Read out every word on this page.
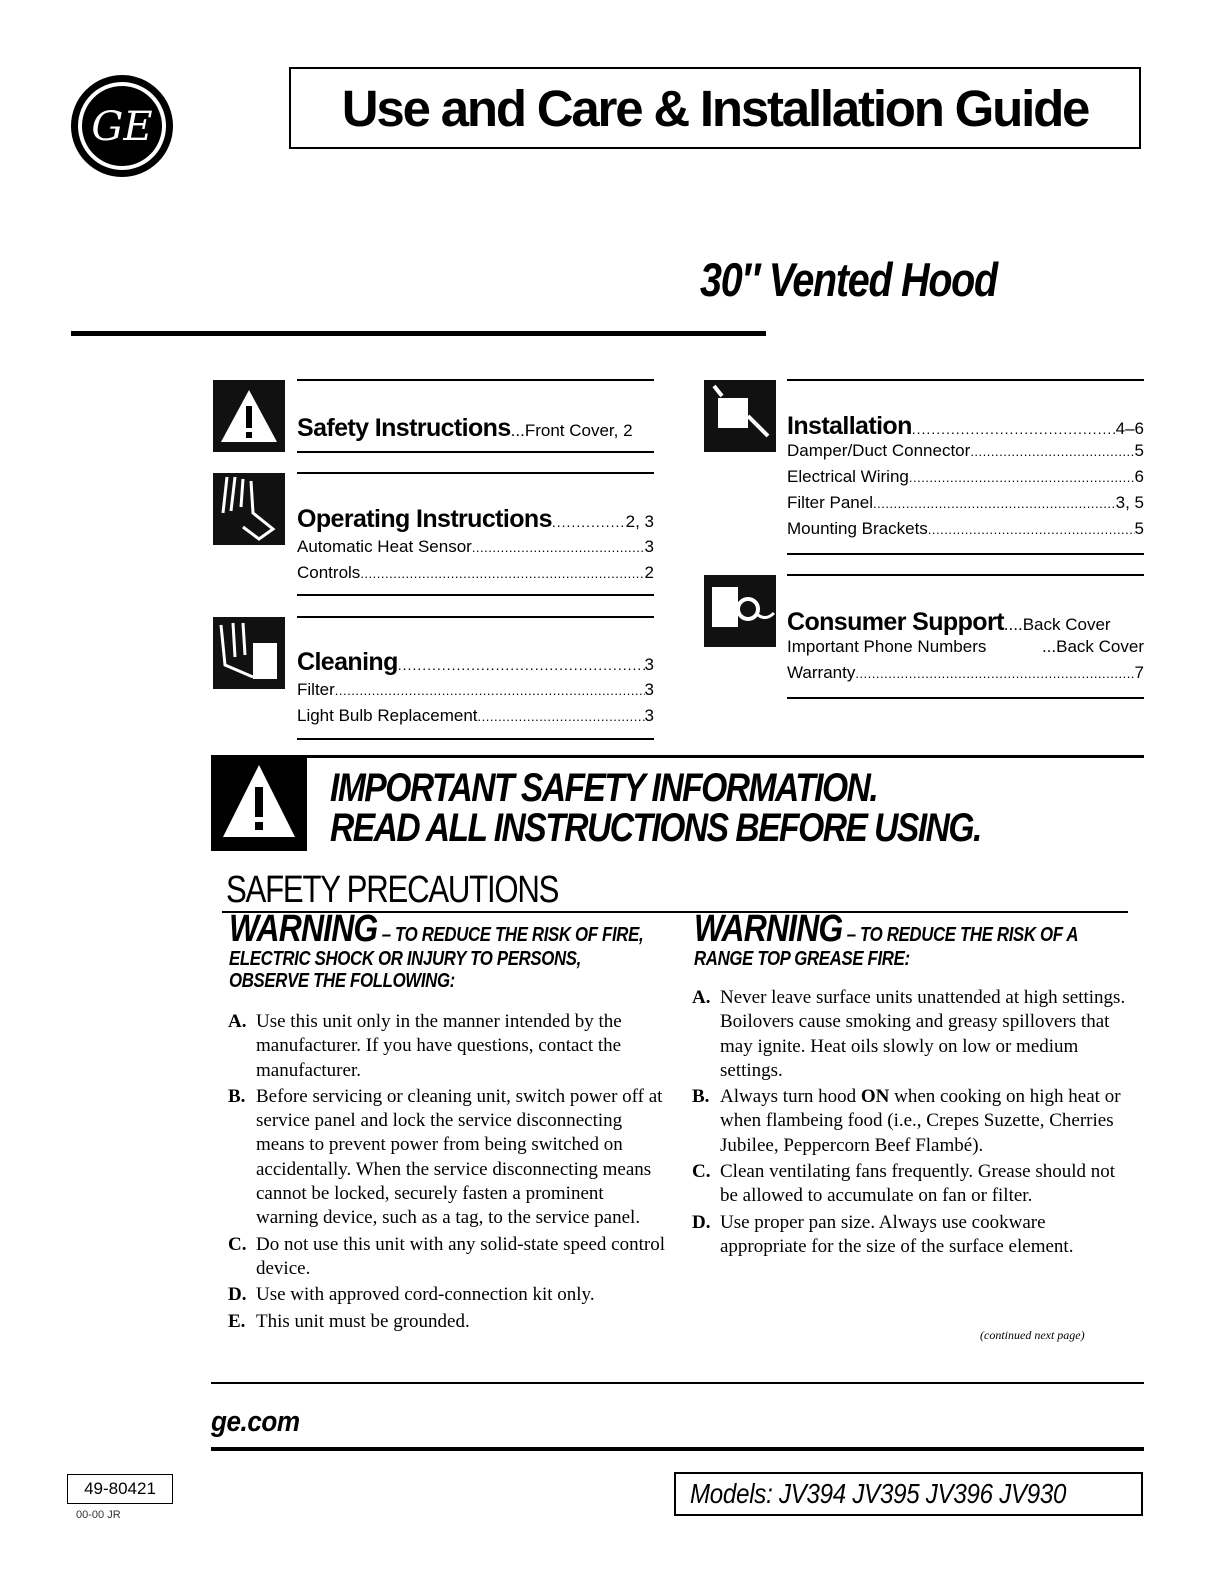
GE	Use and Care & Installation Guide
30″ Vented Hood
Safety Instructions ...Front Cover, 2
Operating Instructions .....	2, 3
Automatic Heat Sensor .....	3
Controls .....	2
Cleaning .....	3
Filter .....	3
Light Bulb Replacement .....	3
Installation .....	4–6
Damper/Duct Connector .....	5
Electrical Wiring .....	6
Filter Panel .....	3, 5
Mounting Brackets .....	5
Consumer Support ....Back Cover
Important Phone Numbers	...Back Cover
Warranty .....	7
IMPORTANT SAFETY INFORMATION.
READ ALL INSTRUCTIONS BEFORE USING.
SAFETY PRECAUTIONS
WARNING – TO REDUCE THE RISK OF FIRE,
ELECTRIC SHOCK OR INJURY TO PERSONS,
OBSERVE THE FOLLOWING:
A. Use this unit only in the manner intended by the manufacturer. If you have questions, contact the manufacturer.
B. Before servicing or cleaning unit, switch power off at service panel and lock the service disconnecting means to prevent power from being switched on accidentally. When the service disconnecting means cannot be locked, securely fasten a prominent warning device, such as a tag, to the service panel.
C. Do not use this unit with any solid-state speed control device.
D. Use with approved cord-connection kit only.
E. This unit must be grounded.
WARNING – TO REDUCE THE RISK OF A
RANGE TOP GREASE FIRE:
A. Never leave surface units unattended at high settings. Boilovers cause smoking and greasy spillovers that may ignite. Heat oils slowly on low or medium settings.
B. Always turn hood ON when cooking on high heat or when flambeing food (i.e., Crepes Suzette, Cherries Jubilee, Peppercorn Beef Flambé).
C. Clean ventilating fans frequently. Grease should not be allowed to accumulate on fan or filter.
D. Use proper pan size. Always use cookware appropriate for the size of the surface element.
(continued next page)
ge.com
49-80421
00-00 JR
Models: JV394 JV395 JV396 JV930
